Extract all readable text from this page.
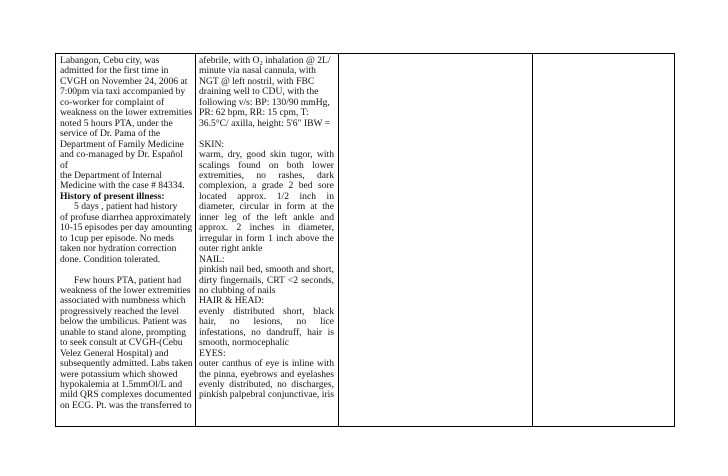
Labangon, Cebu city, was

admitted for the first time in

CVGH on November 24, 2006 at

7:00pm via taxi accompanied by

co-worker for complaint of

weakness on the lower extremities

noted 5 hours PTA, under the

service of Dr. Pama of the

Department of Family Medicine

and co-managed by Dr. Español of

the Department of Internal

Medicine with the case # 84334.

History of present illness:

5 days , patient had history

of profuse diarrhea approximately

10-15 episodes per day amounting

to 1cup per episode. No meds

taken nor hydration correction

done. Condition tolerated.

Few hours PTA, patient had

weakness of the lower extremities

associated with numbness which

progressively reached the level

below the umbilicus. Patient was

unable to stand alone, prompting

to seek consult at CVGH-(Cebu

Velez General Hospital) and

subsequently admitted. Labs taken

were potassium which showed

hypokalemia at 1.5mmOl/L and

mild QRS complexes documented

on ECG. Pt. was the transferred to

afebrile, with O₂ inhalation @ 2L/

minute via nasal cannula, with

NGT @ left nostril, with FBC

draining well to CDU, with the

following v/s: BP: 130/90 mmHg,

PR: 62 bpm, RR: 15 cpm, T:

36.5°C/ axilla, height: 5'6" IBW =

SKIN:

warm, dry, good skin tugor, with

scalings found on both lower

extremities, no rashes, dark

complexion, a grade 2 bed sore

located approx. 1/2 inch in

diameter, circular in form at the

inner leg of the left ankle and

approx. 2 inches in diameter,

irregular in form 1 inch above the

outer right ankle

NAIL:

pinkish nail bed, smooth and short,

dirty fingernails, CRT <2 seconds,

no clubbing of nails

HAIR & HEAD:

evenly distributed short, black

hair, no lesions, no lice

infestations, no dandruff, hair is

smooth, normocephalic

EYES:

outer canthus of eye is inline with

the pinna, eyebrows and eyelashes

evenly distributed, no discharges,

pinkish palpebral conjunctivae, iris
